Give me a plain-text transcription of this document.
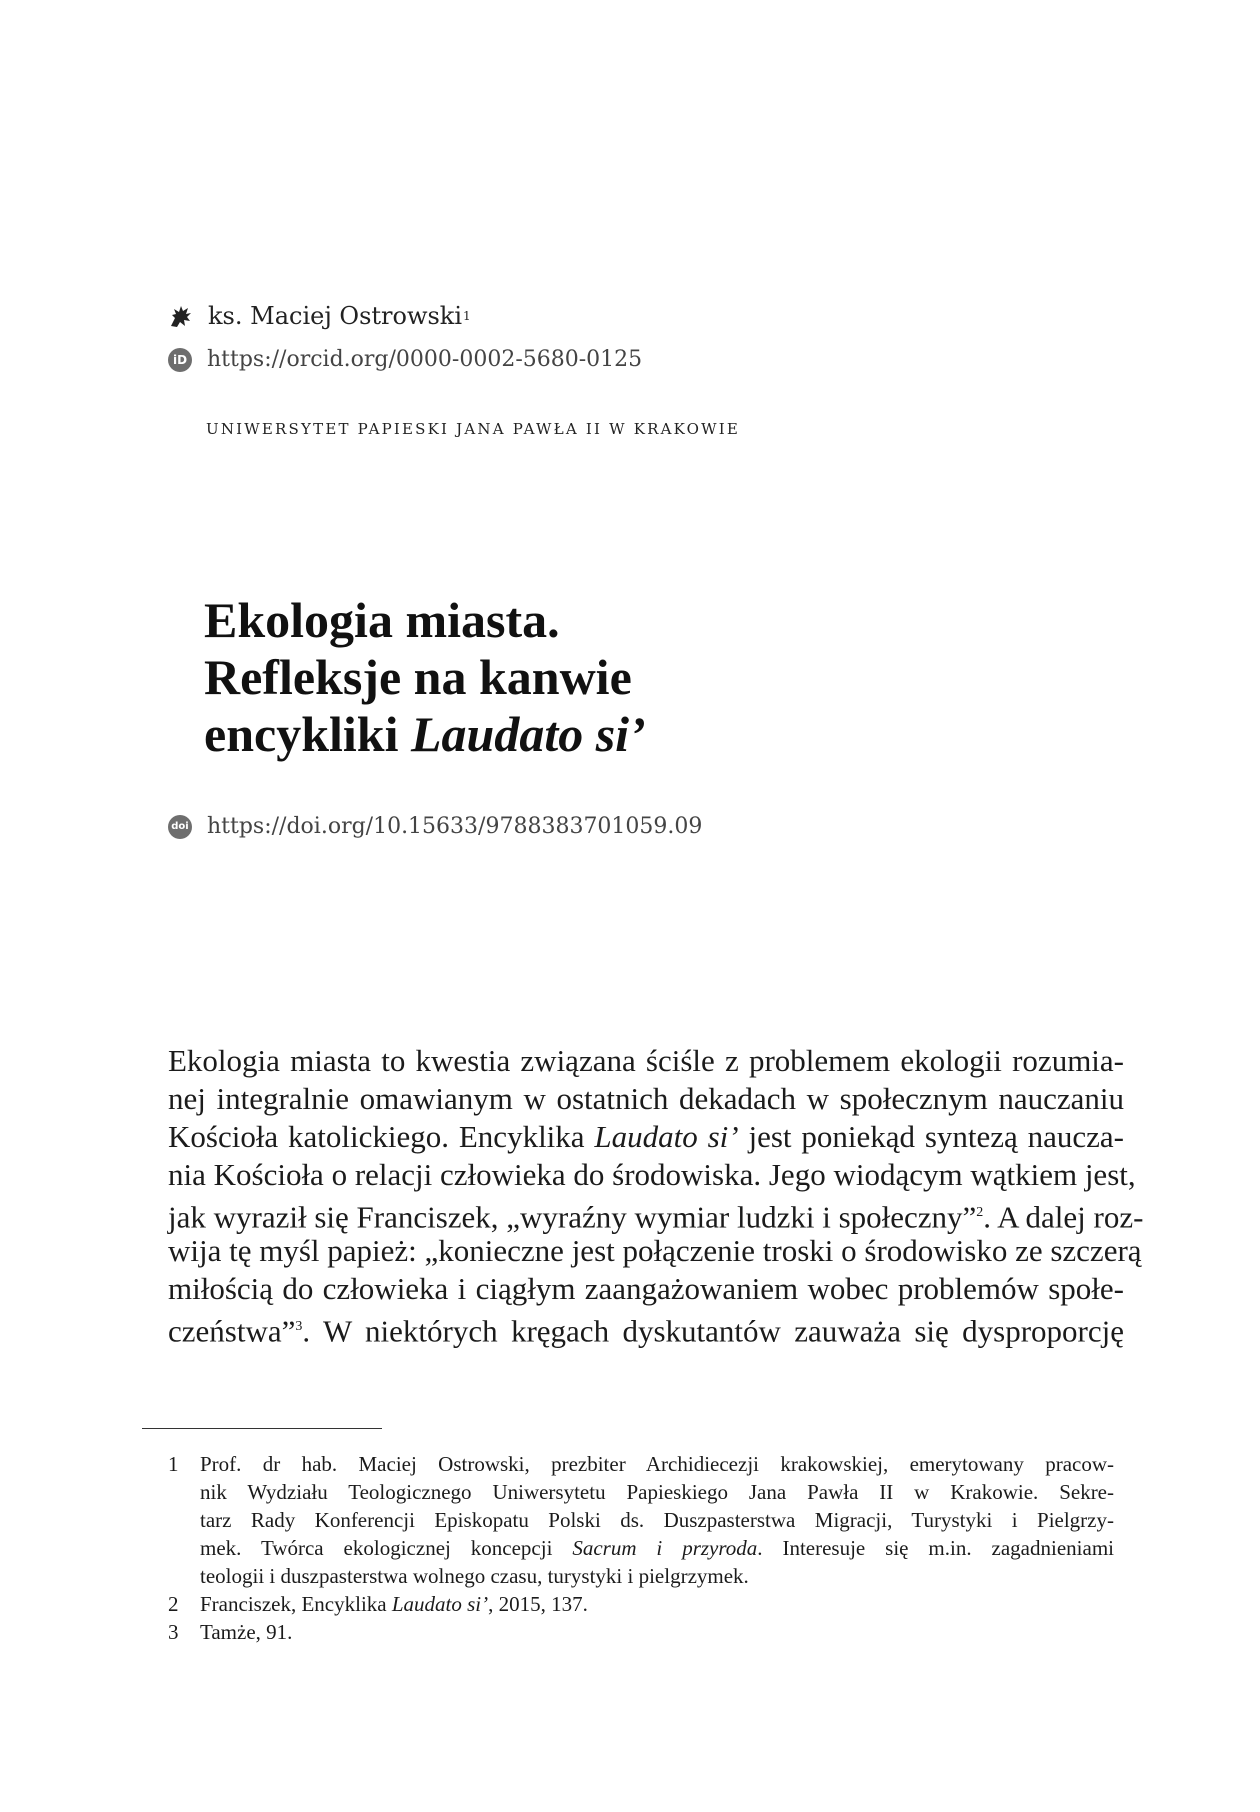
ks. Maciej Ostrowski 1
iD https://orcid.org/0000-0002-5680-0125
UNIWERSYTET PAPIESKI JANA PAWŁA II W KRAKOWIE
Ekologia miasta.
Refleksje na kanwie
encykliki Laudato si’
doi https://doi.org/10.15633/9788383701059.09
Ekologia miasta to kwestia związana ściśle z problemem ekologii rozumia-
nej integralnie omawianym w ostatnich dekadach w społecznym nauczaniu
Kościoła katolickiego. Encyklika Laudato si’ jest poniekąd syntezą naucza-
nia Kościoła o relacji człowieka do środowiska. Jego wiodącym wątkiem jest,
jak wyraził się Franciszek, „wyraźny wymiar ludzki i społeczny”$^2$. A dalej roz-
wija tę myśl papież: „konieczne jest połączenie troski o środowisko ze szczerą
miłością do człowieka i ciągłym zaangażowaniem wobec problemów społe-
czeństwa”$^3$. W niektórych kręgach dyskutantów zauważa się dysproporcję
1 Prof. dr hab. Maciej Ostrowski, prezbiter Archidiecezji krakowskiej, emerytowany pracow-
nik Wydziału Teologicznego Uniwersytetu Papieskiego Jana Pawła II w Krakowie. Sekre-
tarz Rady Konferencji Episkopatu Polski ds. Duszpasterstwa Migracji, Turystyki i Pielgrzy-
mek. Twórca ekologicznej koncepcji Sacrum i przyroda. Interesuje się m.in. zagadnieniami
teologii i duszpasterstwa wolnego czasu, turystyki i pielgrzymek.
2 Franciszek, Encyklika Laudato si’, 2015, 137.
3 Tamże, 91.
